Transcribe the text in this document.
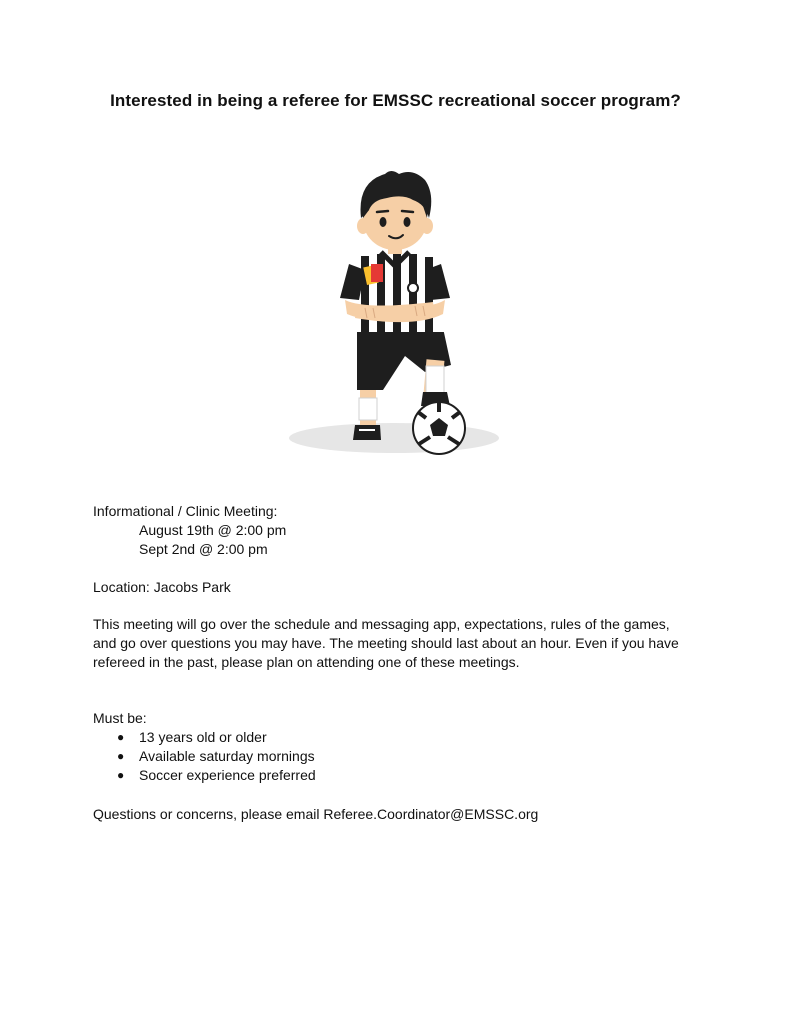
Interested in being a referee for EMSSC recreational soccer program?

Informational / Clinic Meeting:

August 19th @ 2:00 pm
Sept 2nd @ 2:00 pm

Location: Jacobs Park

This meeting will go over the schedule and messaging app, expectations, rules of the games, and go over questions you may have. The meeting should last about an hour. Even if you have refereed in the past, please plan on attending one of these meetings.

Must be:

● 13 years old or older
● Available saturday mornings
● Soccer experience preferred

Questions or concerns, please email Referee.Coordinator@EMSSC.org
